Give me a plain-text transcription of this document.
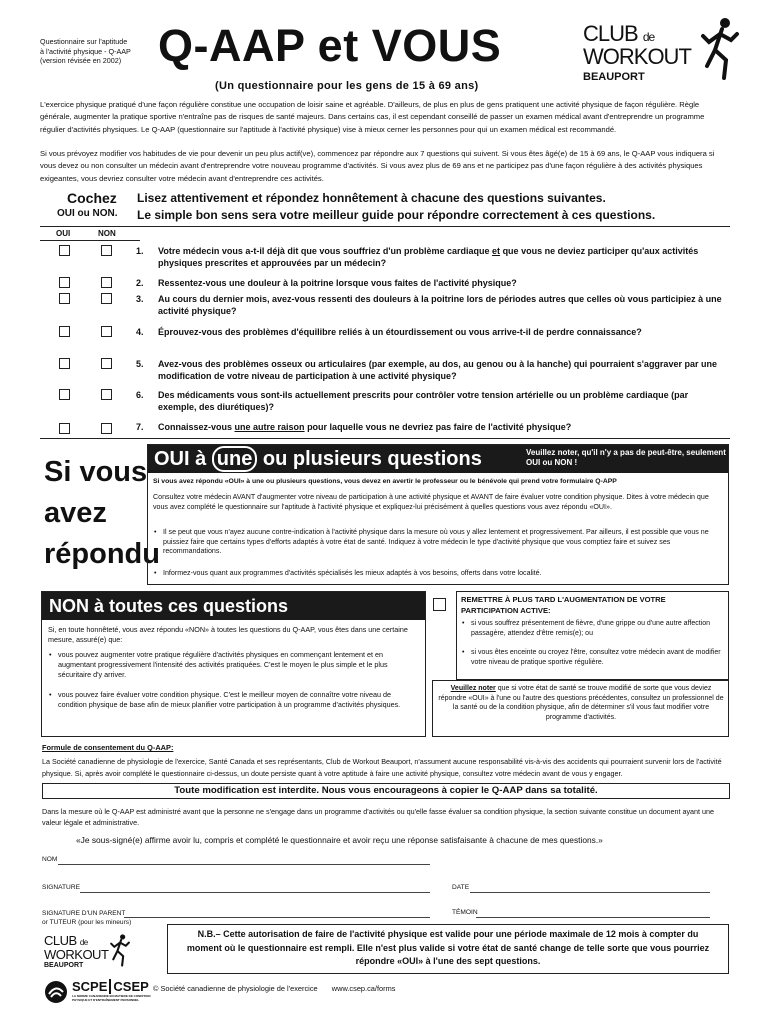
Questionnaire sur l'aptitude
à l'activité physique - Q-AAP
(version révisée en 2002) Q-AAP et VOUS
(Un questionnaire pour les gens de 15 à 69 ans)
CLUB de
WORKOUT
BEAUPORT
L'exercice physique pratiqué d'une façon régulière constitue une occupation de loisir saine et agréable. D'ailleurs, de plus en plus de gens pratiquent une activité physique de façon régulière. Règle générale, augmenter la pratique sportive n'entraîne pas de risques de santé majeurs. Dans certains cas, il est cependant conseillé de passer un examen médical avant d'entreprendre un programme régulier d'activités physiques. Le Q-AAP (questionnaire sur l'aptitude à l'activité physique) vise à mieux cerner les personnes pour qui un examen médical est recommandé.
Si vous prévoyez modifier vos habitudes de vie pour devenir un peu plus actif(ve), commencez par répondre aux 7 questions qui suivent. Si vous êtes âgé(e) de 15 à 69 ans, le Q-AAP vous indiquera si vous devez ou non consulter un médecin avant d'entreprendre votre nouveau programme d'activités. Si vous avez plus de 69 ans et ne participez pas d'une façon régulière à des activités physiques exigeantes, vous devriez consulter votre médecin avant d'entreprendre ces activités.
Cochez
OUI ou NON.
Lisez attentivement et répondez honnêtement à chacune des questions suivantes.
Le simple bon sens sera votre meilleur guide pour répondre correctement à ces questions.
OUI	NON
1. Votre médecin vous a-t-il déjà dit que vous souffriez d'un problème cardiaque et que vous ne deviez participer qu'aux activités physiques prescrites et approuvées par un médecin?
2. Ressentez-vous une douleur à la poitrine lorsque vous faites de l'activité physique?
3. Au cours du dernier mois, avez-vous ressenti des douleurs à la poitrine lors de périodes autres que celles où vous participiez à une activité physique?
4. Éprouvez-vous des problèmes d'équilibre reliés à un étourdissement ou vous arrive-t-il de perdre connaissance?
5. Avez-vous des problèmes osseux ou articulaires (par exemple, au dos, au genou ou à la hanche) qui pourraient s'aggraver par une modification de votre niveau de participation à une activité physique?
6. Des médicaments vous sont-ils actuellement prescrits pour contrôler votre tension artérielle ou un problème cardiaque (par exemple, des diurétiques)?
7. Connaissez-vous une autre raison pour laquelle vous ne devriez pas faire de l'activité physique?
Si vous
avez
répondu
OUI à une ou plusieurs questions	Veuillez noter, qu'il n'y a pas de peut-être, seulement OUI ou NON !
Si vous avez répondu «OUI» à une ou plusieurs questions, vous devez en avertir le professeur ou le bénévole qui prend votre formulaire Q-APP
Consultez votre médecin AVANT d'augmenter votre niveau de participation à une activité physique et AVANT de faire évaluer votre condition physique. Dites à votre médecin que vous avez complété le questionnaire sur l'aptitude à l'activité physique et expliquez-lui précisément à quelles questions vous avez répondu «OUI».
• Il se peut que vous n'ayez aucune contre-indication à l'activité physique dans la mesure où vous y allez lentement et progressivement. Par ailleurs, il est possible que vous ne puissiez faire que certains types d'efforts adaptés à votre état de santé. Indiquez à votre médecin le type d'activité physique que vous comptiez faire et suivez ses recommandations.
• Informez-vous quant aux programmes d'activités spécialisés les mieux adaptés à vos besoins, offerts dans votre localité.
NON à toutes ces questions
Si, en toute honnêteté, vous avez répondu «NON» à toutes les questions du Q-AAP, vous êtes dans une certaine mesure, assuré(e) que:
• vous pouvez augmenter votre pratique régulière d'activités physiques en commençant lentement et en augmentant progressivement l'intensité des activités pratiquées. C'est le moyen le plus simple et le plus sécuritaire d'y arriver.
• vous pouvez faire évaluer votre condition physique. C'est le meilleur moyen de connaître votre niveau de condition physique de base afin de mieux planifier votre participation à un programme d'activités physiques.
REMETTRE À PLUS TARD L'AUGMENTATION DE VOTRE PARTICIPATION ACTIVE:
• si vous souffrez présentement de fièvre, d'une grippe ou d'une autre affection passagère, attendez d'être remis(e); ou
• si vous êtes enceinte ou croyez l'être, consultez votre médecin avant de modifier votre niveau de pratique sportive régulière.
Veuillez noter que si votre état de santé se trouve modifié de sorte que vous deviez répondre «OUI» à l'une ou l'autre des questions précédentes, consultez un professionnel de la santé ou de la condition physique, afin de déterminer s'il vous faut modifier votre programme d'activités.
Formule de consentement du Q-AAP:
La Société canadienne de physiologie de l'exercice, Santé Canada et ses représentants, Club de Workout Beauport, n'assument aucune responsabilité vis-à-vis des accidents qui pourraient survenir lors de l'activité physique. Si, après avoir complété le questionnaire ci-dessus, un doute persiste quant à votre aptitude à faire une activité physique, consultez votre médecin avant de vous y engager.
Toute modification est interdite. Nous vous encourageons à copier le Q-AAP dans sa totalité.
Dans la mesure où le Q-AAP est administré avant que la personne ne s'engage dans un programme d'activités ou qu'elle fasse évaluer sa condition physique, la section suivante constitue un document ayant une valeur légale et administrative.
«Je sous-signé(e) affirme avoir lu, compris et complété le questionnaire et avoir reçu une réponse satisfaisante à chacune de mes questions.»
NOM
SIGNATURE	DATE
SIGNATURE D'UN PARENT
or TUTEUR (pour les mineurs)
TÉMOIN
CLUB de
WORKOUT
BEAUPORT
SCPE CSEP
LA NORME CANADIENNE EN MATIÈRE DE CONDITION PHYSIQUE ET D'ENTRAÎNEMENT PERSONNEL
N.B.– Cette autorisation de faire de l'activité physique est valide pour une période maximale de 12 mois à compter du moment où le questionnaire est rempli. Elle n'est plus valide si votre état de santé change de telle sorte que vous pourriez répondre «OUI» à l'une des sept questions.
© Société canadienne de physiologie de l'exercice www.csep.ca/forms
